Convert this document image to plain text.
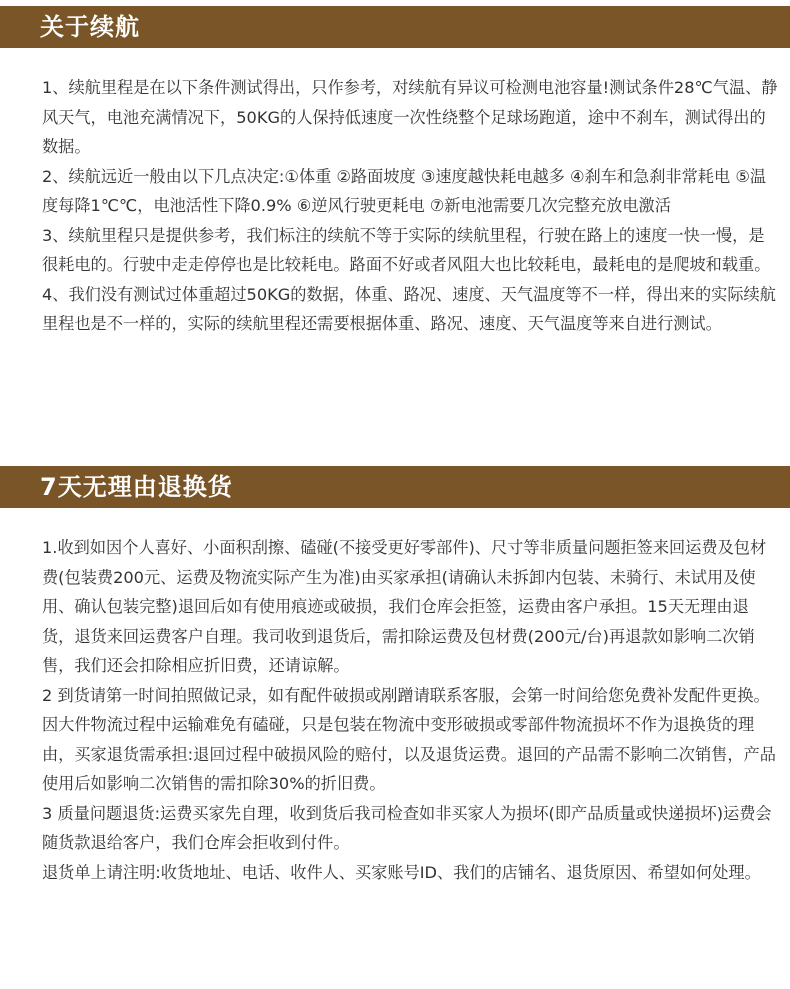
关于续航

1、续航里程是在以下条件测试得出，只作参考，对续航有异议可检测电池容量!测试条件28℃气温、静风天气，电池充满情况下，50KG的人保持低速度一次性绕整个足球场跑道，途中不刹车，测试得出的数据。

2、续航远近一般由以下几点决定:①体重 ②路面坡度 ③速度越快耗电越多 ④刹车和急刹非常耗电 ⑤温度每降1℃℃，电池活性下降0.9% ⑥逆风行驶更耗电 ⑦新电池需要几次完整充放电激活

3、续航里程只是提供参考，我们标注的续航不等于实际的续航里程，行驶在路上的速度一快一慢，是很耗电的。行驶中走走停停也是比较耗电。路面不好或者风阻大也比较耗电，最耗电的是爬坡和载重。

4、我们没有测试过体重超过50KG的数据，体重、路况、速度、天气温度等不一样，得出来的实际续航里程也是不一样的，实际的续航里程还需要根据体重、路况、速度、天气温度等来自进行测试。

7天无理由退换货

1.收到如因个人喜好、小面积刮擦、磕碰(不接受更好零部件)、尺寸等非质量问题拒签来回运费及包材费(包装费200元、运费及物流实际产生为准)由买家承担(请确认未拆卸内包装、未骑行、未试用及使用、确认包装完整)退回后如有使用痕迹或破损，我们仓库会拒签，运费由客户承担。15天无理由退货，退货来回运费客户自理。我司收到退货后，需扣除运费及包材费(200元/台)再退款如影响二次销售，我们还会扣除相应折旧费，还请谅解。

2 到货请第一时间拍照做记录，如有配件破损或剐蹭请联系客服，会第一时间给您免费补发配件更换。因大件物流过程中运输难免有磕碰，只是包装在物流中变形破损或零部件物流损坏不作为退换货的理由，买家退货需承担:退回过程中破损风险的赔付，以及退货运费。退回的产品需不影响二次销售，产品使用后如影响二次销售的需扣除30%的折旧费。

3 质量问题退货:运费买家先自理，收到货后我司检查如非买家人为损坏(即产品质量或快递损坏)运费会随货款退给客户，我们仓库会拒收到付件。

退货单上请注明:收货地址、电话、收件人、买家账号ID、我们的店铺名、退货原因、希望如何处理。
